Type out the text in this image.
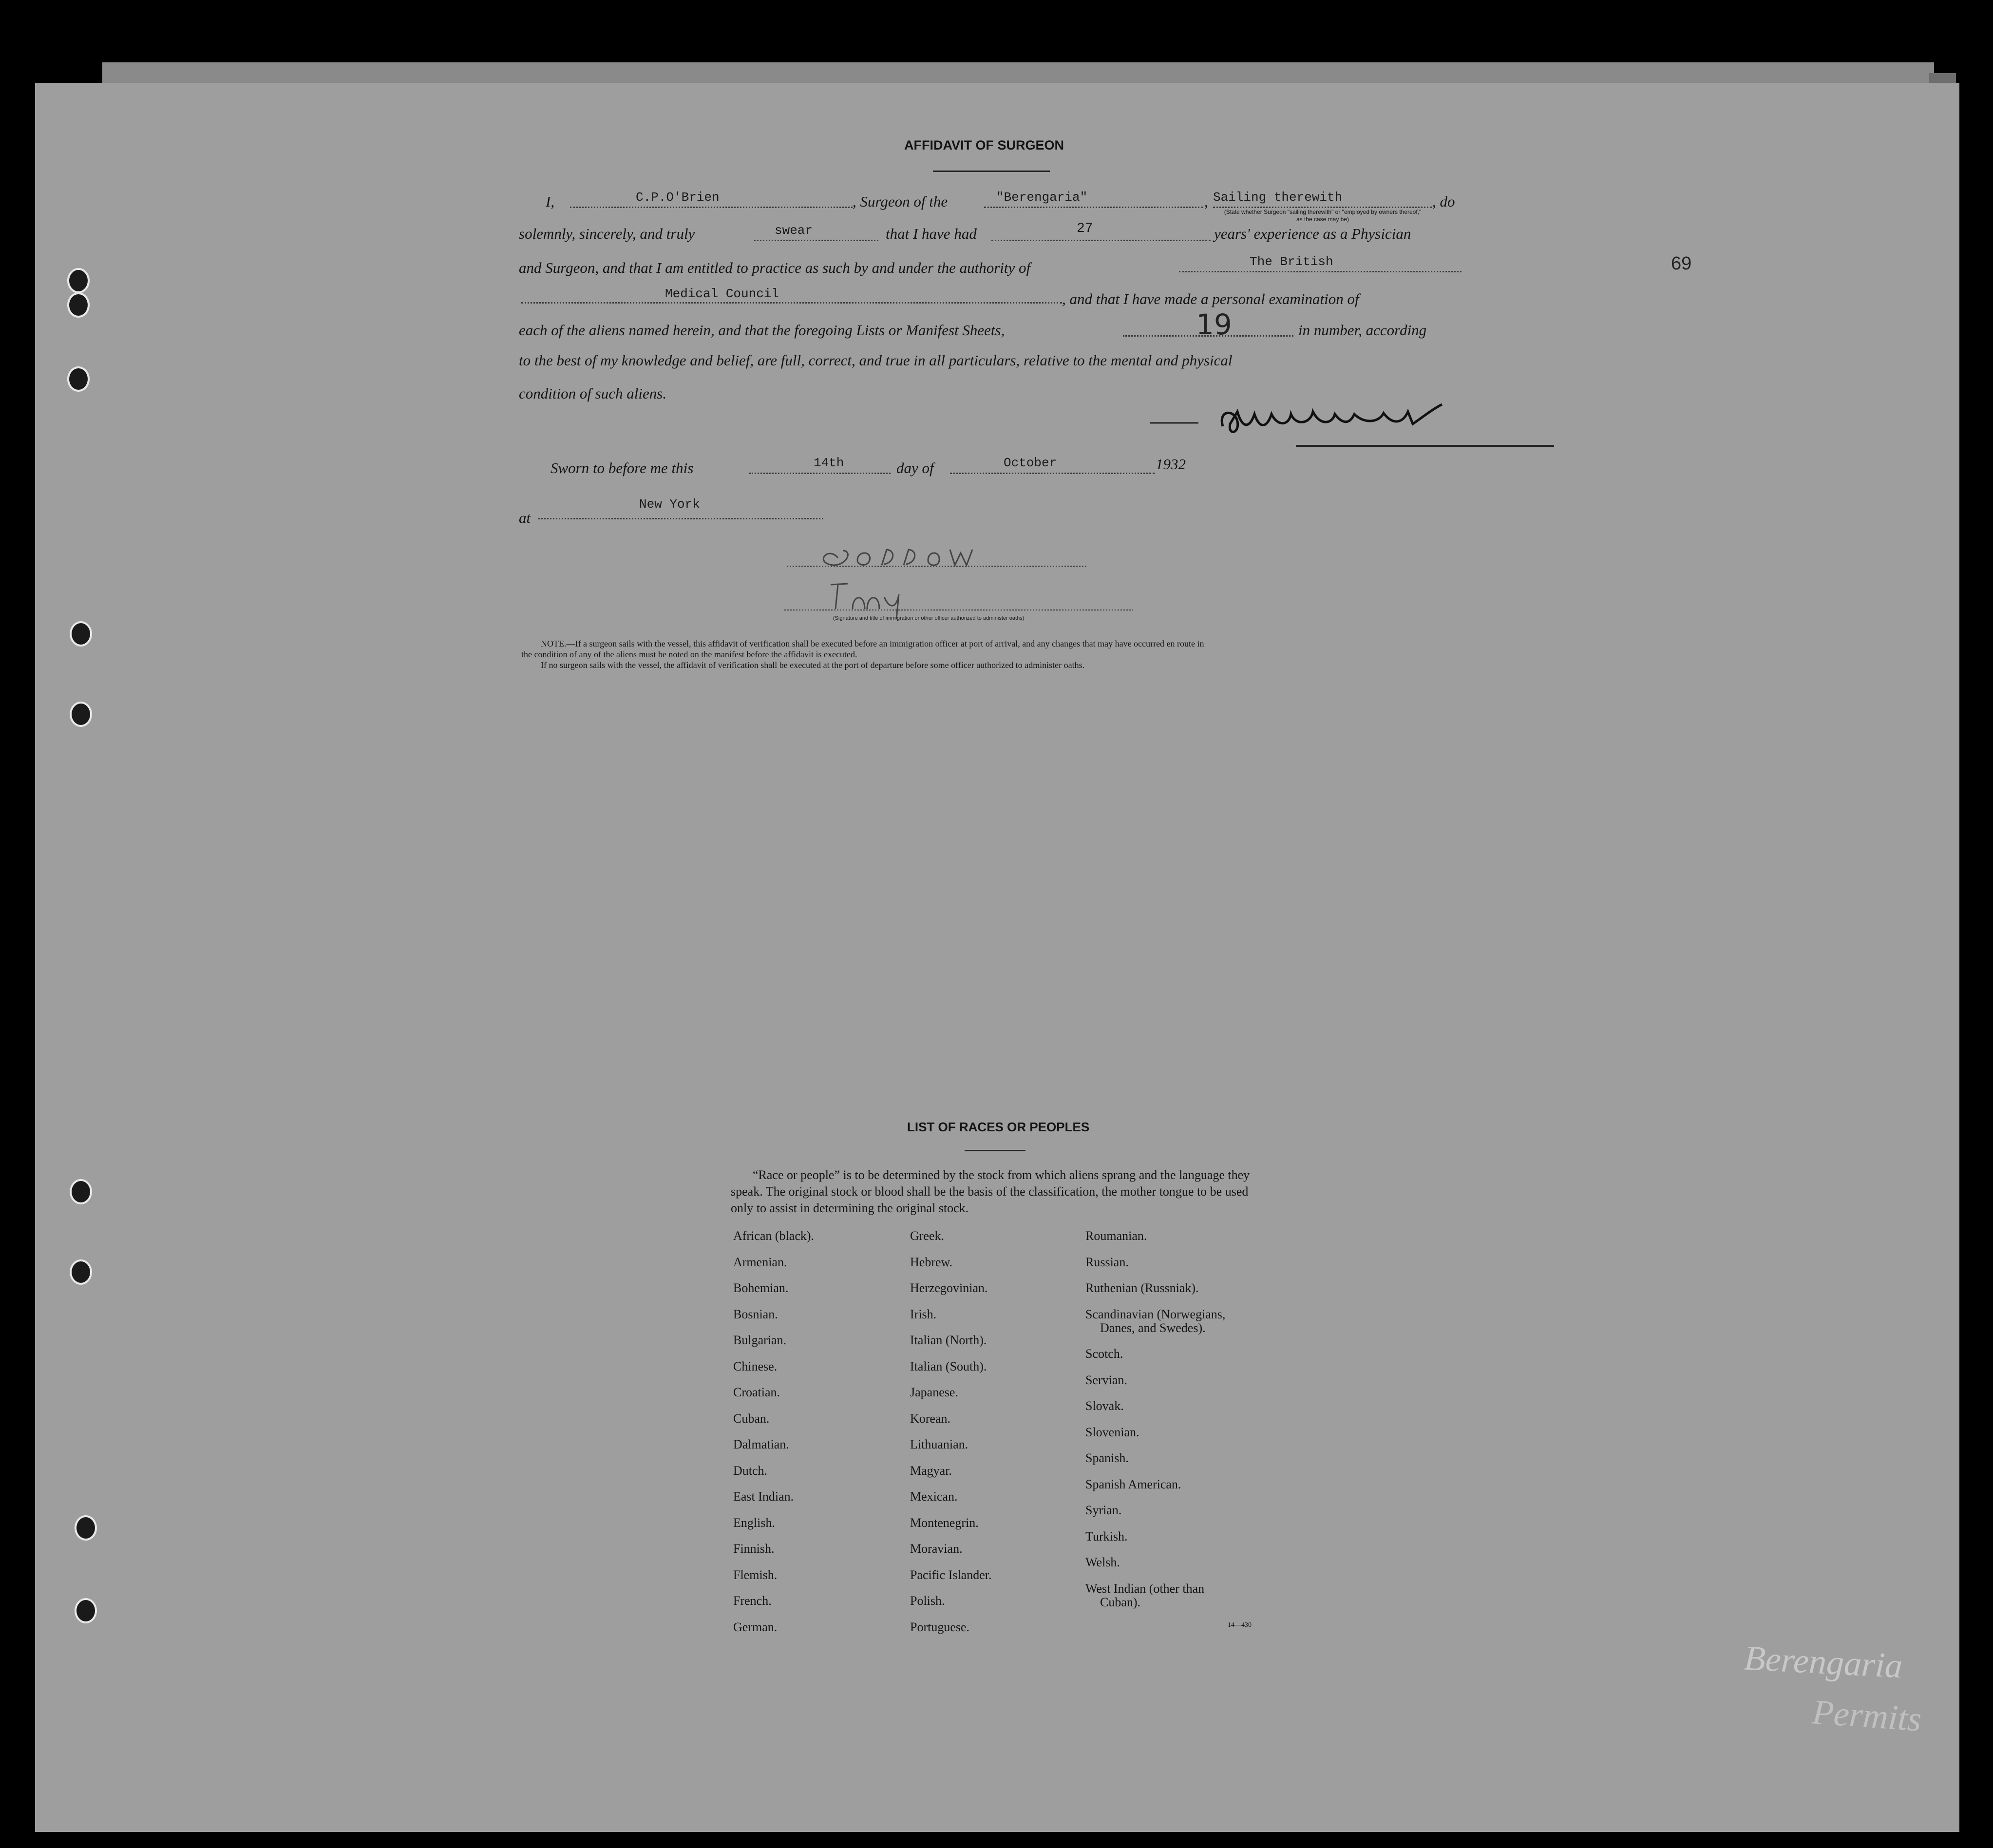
69
AFFIDAVIT OF SURGEON
I,	C.P.O'Brien	, Surgeon of the	"Berengaria"	, Sailing therewith	, do
(State whether Surgeon "sailing therewith" or "employed by owners thereof," as the case may be)
solemnly, sincerely, and truly	swear	that I have had	27	years' experience as a Physician
and Surgeon, and that I am entitled to practice as such by and under the authority of	The British
Medical Council	, and that I have made a personal examination of
each of the aliens named herein, and that the foregoing Lists or Manifest Sheets,	19	in number, according
to the best of my knowledge and belief, are full, correct, and true in all particulars, relative to the mental and physical
condition of such aliens.
Sworn to before me this	14th	day of	October	1932
at
New York
(Signature and title of immigration or other officer authorized to administer oaths)
NOTE.—If a surgeon sails with the vessel, this affidavit of verification shall be executed before an immigration officer at port of arrival, and any changes that may have occurred en route in
the condition of any of the aliens must be noted on the manifest before the affidavit is executed.
If no surgeon sails with the vessel, the affidavit of verification shall be executed at the port of departure before some officer authorized to administer oaths.
LIST OF RACES OR PEOPLES
“Race or people” is to be determined by the stock from which aliens sprang and the language they speak. The original stock or blood shall be the basis of the classification, the mother tongue to be used only to assist in determining the original stock.
African (black).
Armenian.
Bohemian.
Bosnian.
Bulgarian.
Chinese.
Croatian.
Cuban.
Dalmatian.
Dutch.
East Indian.
English.
Finnish.
Flemish.
French.
German.
Greek.
Hebrew.
Herzegovinian.
Irish.
Italian (North).
Italian (South).
Japanese.
Korean.
Lithuanian.
Magyar.
Mexican.
Montenegrin.
Moravian.
Pacific Islander.
Polish.
Portuguese.
Roumanian.
Russian.
Ruthenian (Russniak).
Scandinavian (Norwegians,
Danes, and Swedes).
Scotch.
Servian.
Slovak.
Slovenian.
Spanish.
Spanish American.
Syrian.
Turkish.
Welsh.
West Indian (other than
Cuban).
14—430
Berengaria
Permits
